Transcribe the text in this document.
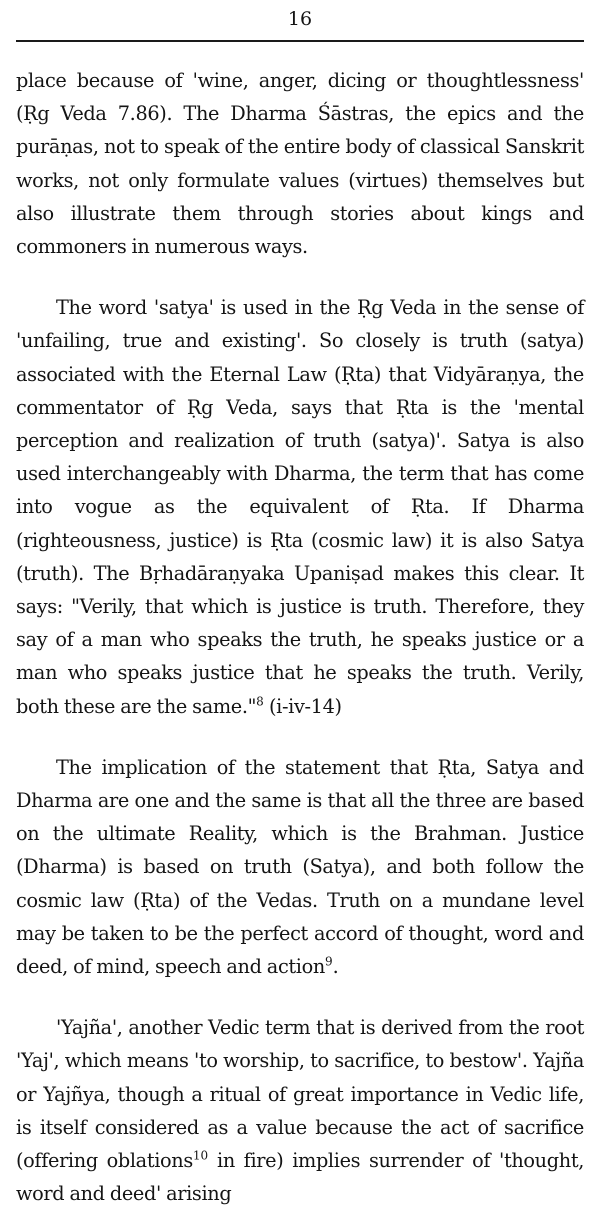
16

place because of 'wine, anger, dicing or thoughtlessness' (Ṛg Veda 7.86). The Dharma Śāstras, the epics and the purāṇas, not to speak of the entire body of classical Sanskrit works, not only formulate values (virtues) themselves but also illustrate them through stories about kings and commoners in numerous ways.

The word 'satya' is used in the Ṛg Veda in the sense of 'unfailing, true and existing'. So closely is truth (satya) associated with the Eternal Law (Ṛta) that Vidyāraṇya, the commentator of Ṛg Veda, says that Ṛta is the 'mental perception and realization of truth (satya)'. Satya is also used interchangeably with Dharma, the term that has come into vogue as the equivalent of Ṛta. If Dharma (righteousness, justice) is Ṛta (cosmic law) it is also Satya (truth). The Bṛhadāraṇyaka Upaniṣad makes this clear. It says: "Verily, that which is justice is truth. Therefore, they say of a man who speaks the truth, he speaks justice or a man who speaks justice that he speaks the truth. Verily, both these are the same."$^8$ (i-iv-14)

The implication of the statement that Ṛta, Satya and Dharma are one and the same is that all the three are based on the ultimate Reality, which is the Brahman. Justice (Dharma) is based on truth (Satya), and both follow the cosmic law (Ṛta) of the Vedas. Truth on a mundane level may be taken to be the perfect accord of thought, word and deed, of mind, speech and action$^9$.

'Yajña', another Vedic term that is derived from the root 'Yaj', which means 'to worship, to sacrifice, to bestow'. Yajña or Yajñya, though a ritual of great importance in Vedic life, is itself considered as a value because the act of sacrifice (offering oblations$^{10}$ in fire) implies surrender of 'thought, word and deed' arising
